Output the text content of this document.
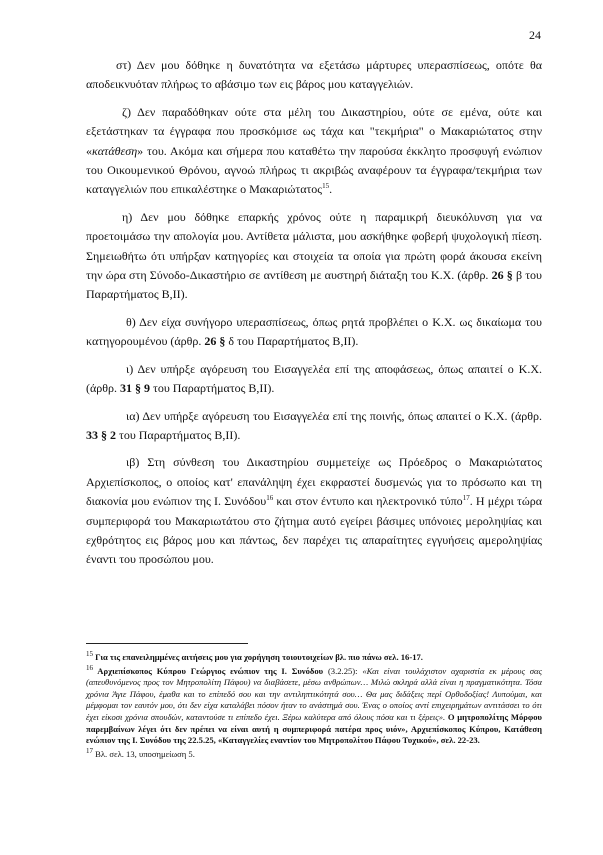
24

στ) Δεν μου δόθηκε η δυνατότητα να εξετάσω μάρτυρες υπερασπίσεως, οπότε θα αποδεικνυόταν πλήρως το αβάσιμο των εις βάρος μου καταγγελιών.

ζ) Δεν παραδόθηκαν ούτε στα μέλη του Δικαστηρίου, ούτε σε εμένα, ούτε και εξετάστηκαν τα έγγραφα που προσκόμισε ως τάχα και "τεκμήρια" ο Μακαριώτατος στην «κατάθεση» του. Ακόμα και σήμερα που καταθέτω την παρούσα έκκλητο προσφυγή ενώπιον του Οικουμενικού Θρόνου, αγνοώ πλήρως τι ακριβώς αναφέρουν τα έγγραφα/τεκμήρια των καταγγελιών που επικαλέστηκε ο Μακαριώτατος$^{15}$.

η) Δεν μου δόθηκε επαρκής χρόνος ούτε η παραμικρή διευκόλυνση για να προετοιμάσω την απολογία μου. Αντίθετα μάλιστα, μου ασκήθηκε φοβερή ψυχολογική πίεση. Σημειωθήτω ότι υπήρξαν κατηγορίες και στοιχεία τα οποία για πρώτη φορά άκουσα εκείνη την ώρα στη Σύνοδο-Δικαστήριο σε αντίθεση με αυστηρή διάταξη του Κ.Χ. (άρθρ. 26 § β του Παραρτήματος Β,ΙΙ).

θ) Δεν είχα συνήγορο υπερασπίσεως, όπως ρητά προβλέπει ο Κ.Χ. ως δικαίωμα του κατηγορουμένου (άρθρ. 26 § δ του Παραρτήματος Β,ΙΙ).

ι) Δεν υπήρξε αγόρευση του Εισαγγελέα επί της αποφάσεως, όπως απαιτεί ο Κ.Χ. (άρθρ. 31 § 9 του Παραρτήματος Β,ΙΙ).

ια) Δεν υπήρξε αγόρευση του Εισαγγελέα επί της ποινής, όπως απαιτεί ο Κ.Χ. (άρθρ. 33 § 2 του Παραρτήματος Β,ΙΙ).

ιβ) Στη σύνθεση του Δικαστηρίου συμμετείχε ως Πρόεδρος ο Μακαριώτατος Αρχιεπίσκοπος, ο οποίος κατ' επανάληψη έχει εκφραστεί δυσμενώς για το πρόσωπο και τη διακονία μου ενώπιον της Ι. Συνόδου$^{16}$ και στον έντυπο και ηλεκτρονικό τύπο$^{17}$. Η μέχρι τώρα συμπεριφορά του Μακαριωτάτου στο ζήτημα αυτό εγείρει βάσιμες υπόνοιες μεροληψίας και εχθρότητος εις βάρος μου και πάντως, δεν παρέχει τις απαραίτητες εγγυήσεις αμεροληψίας έναντι του προσώπου μου.

$^{15}$ Για τις επανειλημμένες αιτήσεις μου για χορήγηση τοιουτοιχείων βλ. πιο πάνω σελ. 16-17.

$^{16}$ Αρχιεπίσκοπος Κύπρου Γεώργιος ενώπιον της Ι. Συνόδου (3.2.25): «Και είναι τουλάχιστον αχαριστία εκ μέρους σας (απευθυνόμενος προς τον Μητροπολίτη Πάφου) να διαβάσετε, μέσω ανθρώπων… Μιλώ σκληρά αλλά είναι η πραγματικότητα. Τόσα χρόνια Άγιε Πάφου, έμαθα και το επίπεδό σου και την αντιληπτικότητά σου… Θα μας διδάξεις περί Ορθοδοξίας! Λυπούμαι, και μέμφομαι τον εαυτόν μου, ότι δεν είχα καταλάβει πόσον ήταν το ανάστημά σου. Ένας ο οποίος αντί επιχειρημάτων αντιτάσσει το ότι έχει είκοσι χρόνια σπουδών, καταντούσε τι επίπεδο έχει. Ξέρω καλύτερα από όλους πόσα και τι ξέρεις». Ο μητροπολίτης Μόρφου παρεμβαίνων λέγει ότι δεν πρέπει να είναι αυτή η συμπεριφορά πατέρα προς υιόν», Αρχιεπίσκοπος Κύπρου, Κατάθεση ενώπιον της Ι. Συνόδου της 22.5.25, «Καταγγελίες εναντίον του Μητροπολίτου Πάφου Τυχικού», σελ. 22-23.

$^{17}$ Βλ. σελ. 13, υποσημείωση 5.
